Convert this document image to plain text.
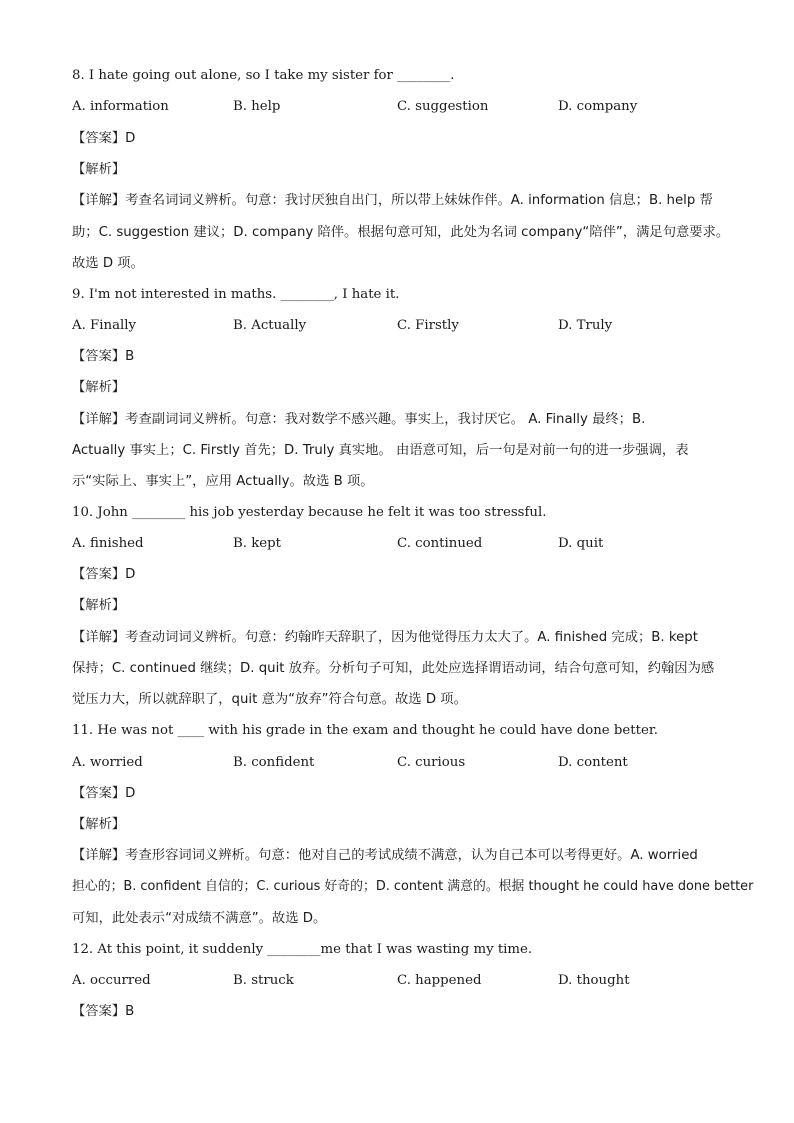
8. I hate going out alone, so I take my sister for ________.
A. information	B. help	C. suggestion	D. company
【答案】D
【解析】
【详解】考查名词词义辨析。句意：我讨厌独自出门，所以带上妹妹作伴。A. information 信息；B. help 帮
助；C. suggestion 建议；D. company 陪伴。根据句意可知，此处为名词 company“陪伴”，满足句意要求。
故选 D 项。
9. I'm not interested in maths. ________, I hate it.
A. Finally	B. Actually	C. Firstly	D. Truly
【答案】B
【解析】
【详解】考查副词词义辨析。句意：我对数学不感兴趣。事实上，我讨厌它。 A. Finally 最终；B.
Actually 事实上；C. Firstly 首先；D. Truly 真实地。 由语意可知，后一句是对前一句的进一步强调，表
示“实际上、事实上”，应用 Actually。故选 B 项。
10. John ________ his job yesterday because he felt it was too stressful.
A. finished	B. kept	C. continued	D. quit
【答案】D
【解析】
【详解】考查动词词义辨析。句意：约翰昨天辞职了，因为他觉得压力太大了。A. finished 完成；B. kept
保持；C. continued 继续；D. quit 放弃。分析句子可知，此处应选择谓语动词，结合句意可知，约翰因为感
觉压力大，所以就辞职了，quit 意为“放弃”符合句意。故选 D 项。
11. He was not ____ with his grade in the exam and thought he could have done better.
A. worried	B. confident	C. curious	D. content
【答案】D
【解析】
【详解】考查形容词词义辨析。句意：他对自己的考试成绩不满意，认为自己本可以考得更好。A. worried
担心的；B. confident 自信的；C. curious 好奇的；D. content 满意的。根据 thought he could have done better
可知，此处表示“对成绩不满意”。故选 D。
12. At this point, it suddenly ________me that I was wasting my time.
A. occurred	B. struck	C. happened	D. thought
【答案】B
